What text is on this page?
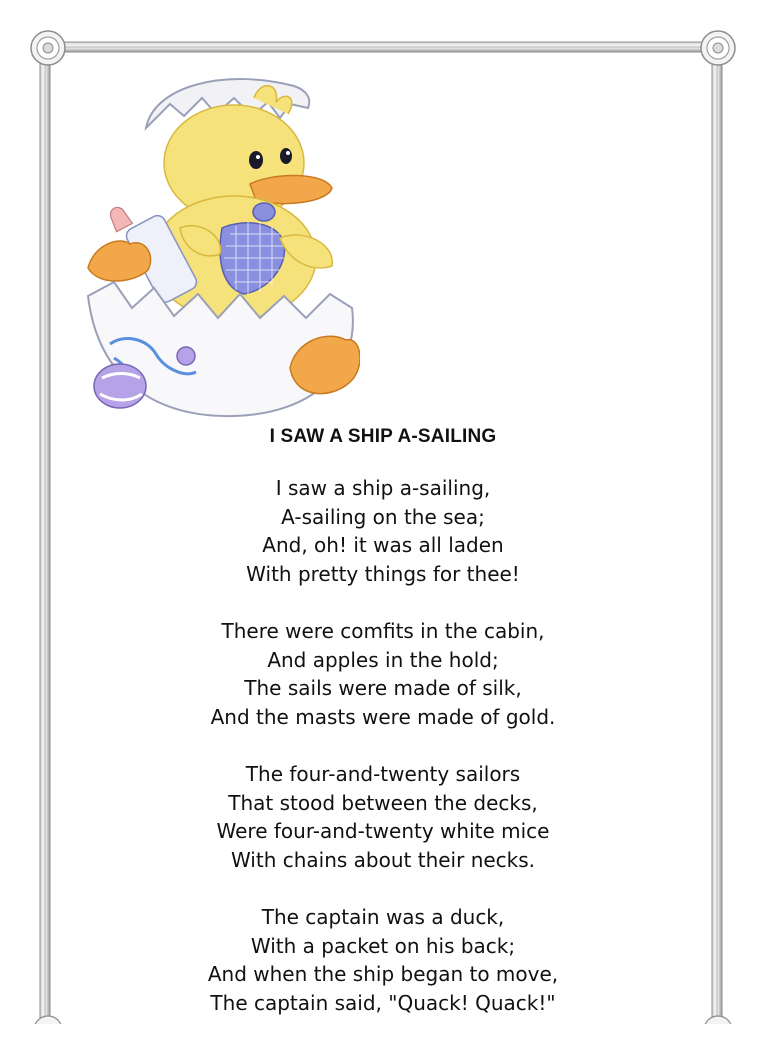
I SAW A SHIP A-SAILING
I saw a ship a-sailing,
A-sailing on the sea;
And, oh! it was all laden
With pretty things for thee!
There were comfits in the cabin,
And apples in the hold;
The sails were made of silk,
And the masts were made of gold.
The four-and-twenty sailors
That stood between the decks,
Were four-and-twenty white mice
With chains about their necks.
The captain was a duck,
With a packet on his back;
And when the ship began to move,
The captain said, "Quack! Quack!"
